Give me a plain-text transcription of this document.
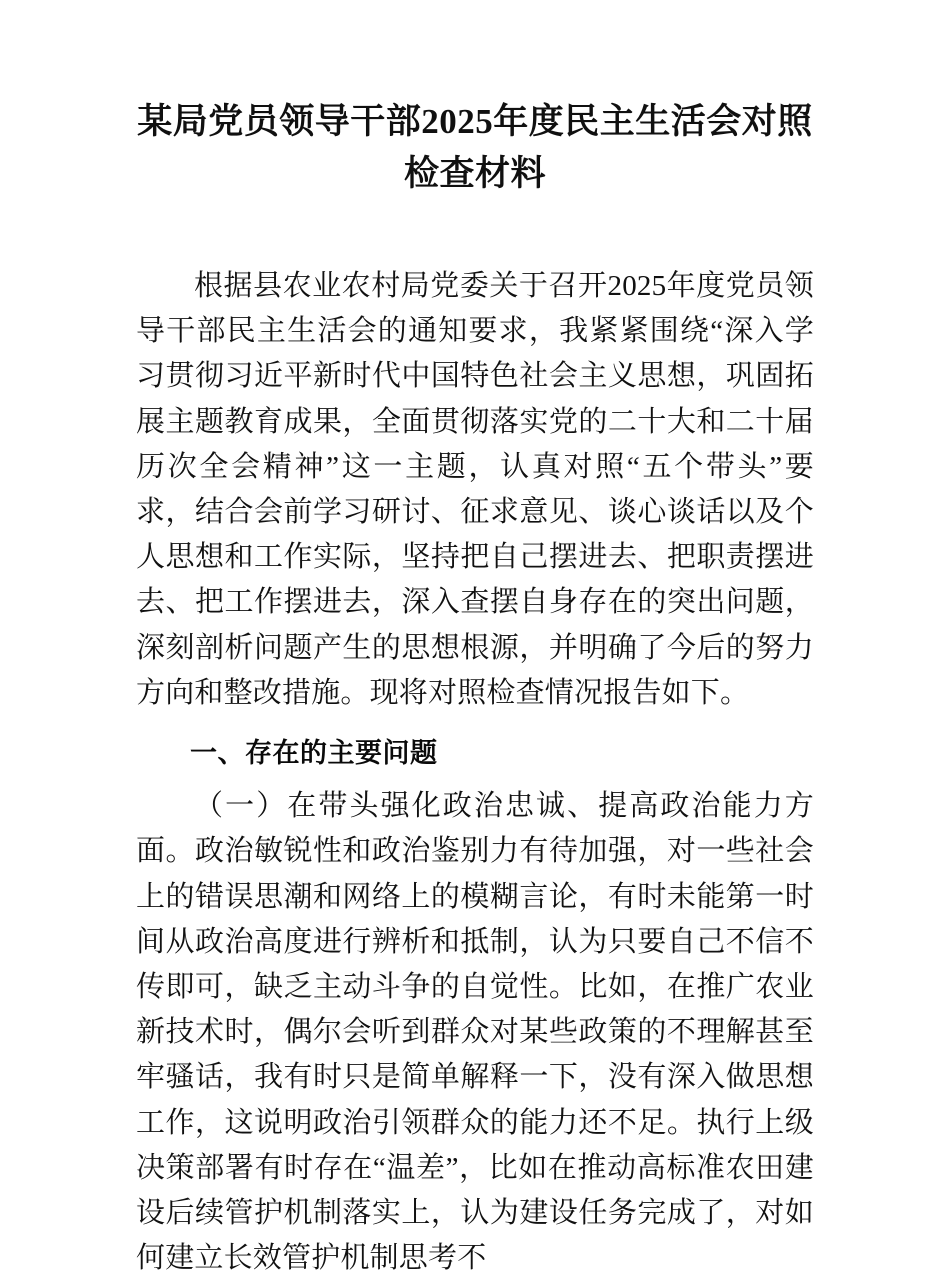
某局党员领导干部2025年度民主生活会对照检查材料

根据县农业农村局党委关于召开2025年度党员领导干部民主生活会的通知要求，我紧紧围绕“深入学习贯彻习近平新时代中国特色社会主义思想，巩固拓展主题教育成果，全面贯彻落实党的二十大和二十届历次全会精神”这一主题，认真对照“五个带头”要求，结合会前学习研讨、征求意见、谈心谈话以及个人思想和工作实际，坚持把自己摆进去、把职责摆进去、把工作摆进去，深入查摆自身存在的突出问题，深刻剖析问题产生的思想根源，并明确了今后的努力方向和整改措施。现将对照检查情况报告如下。

一、存在的主要问题

（一）在带头强化政治忠诚、提高政治能力方面。政治敏锐性和政治鉴别力有待加强，对一些社会上的错误思潮和网络上的模糊言论，有时未能第一时间从政治高度进行辨析和抵制，认为只要自己不信不传即可，缺乏主动斗争的自觉性。比如，在推广农业新技术时，偶尔会听到群众对某些政策的不理解甚至牢骚话，我有时只是简单解释一下，没有深入做思想工作，这说明政治引领群众的能力还不足。执行上级决策部署有时存在“温差”，比如在推动高标准农田建设后续管护机制落实上，认为建设任务完成了，对如何建立长效管护机制思考不
